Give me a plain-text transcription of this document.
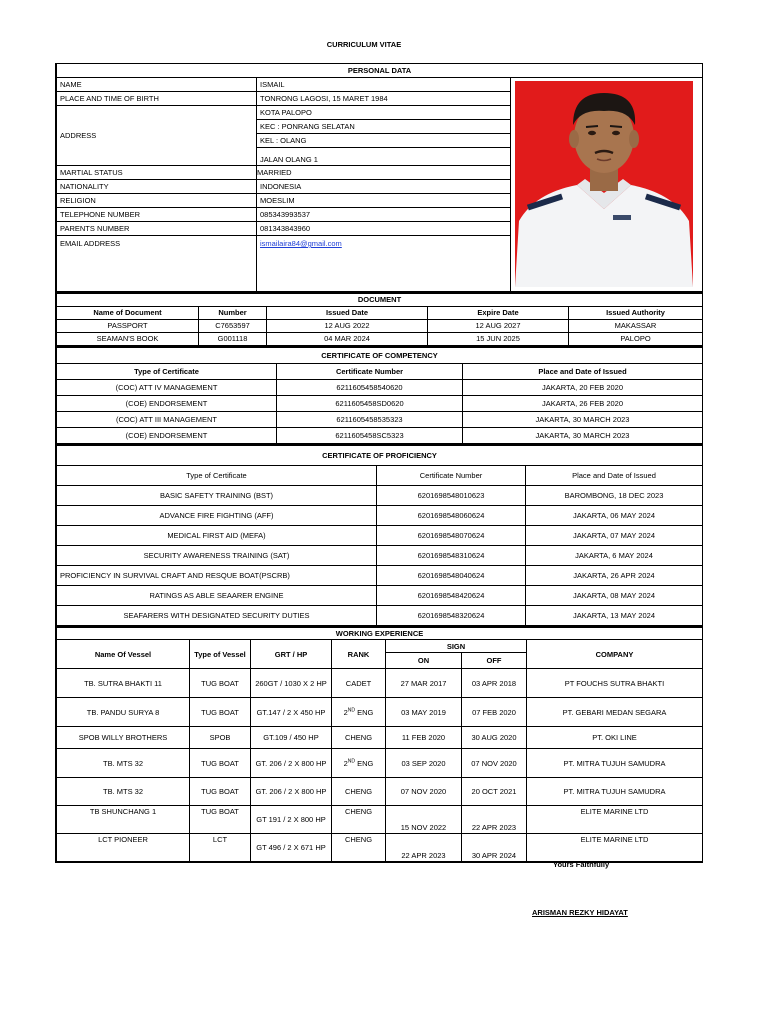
CURRICULUM VITAE
PERSONAL DATA		
NAME	ISMAIL	

PLACE AND TIME OF BIRTH	TONRONG LAGOSI, 15 MARET 1984	
ADDRESS	KOTA PALOPO	
	KEC : PONRANG SELATAN	
	KEL : OLANG	
	JALAN OLANG 1	
MARTIAL STATUS	MARRIED	
NATIONALITY	INDONESIA	
RELIGION	MOESLIM	
TELEPHONE NUMBER	085343993537	
PARENTS NUMBER	081343843960	
EMAIL ADDRESS	ismailaira84@gmail.com	

DOCUMENT				
Name of Document	Number	Issued Date	Expire Date	Issued Authority
PASSPORT	C7653597	12 AUG 2022	12 AUG 2027	MAKASSAR
SEAMAN'S BOOK	G001118	04 MAR 2024	15 JUN 2025	PALOPO
CERTIFICATE OF COMPETENCY		
Type of Certificate	Certificate Number	Place and Date of Issued
(COC) ATT IV MANAGEMENT	6211605458540620	JAKARTA, 20 FEB 2020
(COE) ENDORSEMENT	6211605458SD0620	JAKARTA, 26 FEB 2020
(COC) ATT III MANAGEMENT	6211605458535323	JAKARTA, 30 MARCH 2023
(COE) ENDORSEMENT	6211605458SC5323	JAKARTA, 30 MARCH 2023
CERTIFICATE OF PROFICIENCY		
Type of Certificate	Certificate Number	Place and Date of Issued
BASIC SAFETY TRAINING (BST)	6201698548010623	BAROMBONG, 18 DEC 2023
ADVANCE FIRE FIGHTING (AFF)	6201698548060624	JAKARTA, 06 MAY 2024
MEDICAL FIRST AID (MEFA)	6201698548070624	JAKARTA, 07 MAY 2024
SECURITY AWARENESS TRAINING (SAT)	6201698548310624	JAKARTA, 6 MAY 2024
PROFICIENCY IN SURVIVAL CRAFT AND RESQUE BOAT(PSCRB)	6201698548040624	JAKARTA, 26 APR 2024
RATINGS AS ABLE SEAARER ENGINE	6201698548420624	JAKARTA, 08 MAY 2024
SEAFARERS WITH DESIGNATED SECURITY DUTIES	6201698548320624	JAKARTA, 13 MAY 2024
WORKING EXPERIENCE						
Name Of Vessel	Type of Vessel	GRT / HP	RANK	SIGN		COMPANY
				ON	OFF	
TB. SUTRA BHAKTI 11	TUG BOAT	260GT / 1030 X 2 HP	CADET	27 MAR 2017	03 APR 2018	PT FOUCHS SUTRA BHAKTI
TB. PANDU SURYA 8	TUG BOAT	GT.147 / 2 X 450 HP	2ND ENG	03 MAY 2019	07 FEB 2020	PT. GEBARI MEDAN SEGARA
SPOB WILLY BROTHERS	SPOB	GT.109 / 450 HP	CHENG	11 FEB 2020	30 AUG 2020	PT. OKI LINE
TB. MTS 32	TUG BOAT	GT. 206 / 2 X 800 HP	2ND ENG	03 SEP 2020	07 NOV 2020	PT. MITRA TUJUH SAMUDRA
TB. MTS 32	TUG BOAT	GT. 206 / 2 X 800 HP	CHENG	07 NOV 2020	20 OCT 2021	PT. MITRA TUJUH SAMUDRA
TB SHUNCHANG 1	TUG BOAT	GT 191 / 2 X 800 HP	CHENG	15 NOV 2022	22 APR 2023	ELITE MARINE LTD
LCT PIONEER	LCT	GT 496 / 2 X 671 HP	CHENG	22 APR 2023	30 APR 2024	ELITE MARINE LTD
Yours Faithfully
ARISMAN REZKY HIDAYAT
